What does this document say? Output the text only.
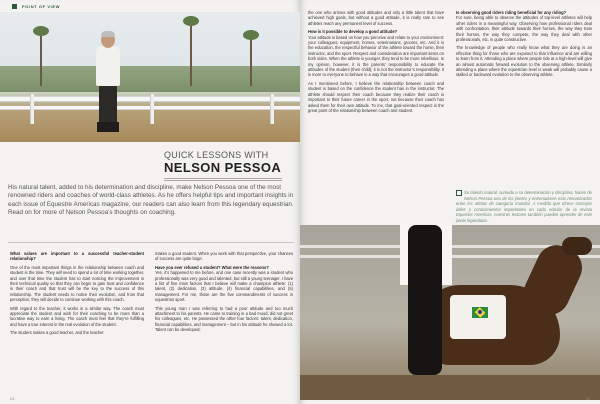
POINT OF VIEW
QUICK LESSONS WITH
NELSON PESSOA
His natural talent, added to his determination and discipline, make Nelson Pessoa one of the most renowned riders and coaches of world-class athletes. As he offers helpful tips and important insights in each issue of Equestre Americas magazine, our readers can also learn from this legendary equestrian. Read on for more of Nelson Pessoa’s thoughts on coaching.

What values are important to a successful teacher-student relationship?

One of the most important things in the relationship between coach and student is the time. They will need to spend a lot of time working together, and over that time the student has to start noticing the improvement in their technical quality so that they can begin to gain trust and confidence in their coach and that trust will be the key to the success of this relationship. The student needs to notice their evolution, and from that perception, they will decide to continue working with this coach.

With regard to the teacher, it works in a similar way. The coach must appreciate the student and wish for their coaching to be more than a lucrative way to earn a living. The coach must feel that they’re fulfilling and have a true interest in the real evolution of the student.

The student makes a good teacher, and the teacher

makes a good student. When you work with that perspective, your chances of success are quite large.

Have you ever refused a student? What were the reasons?
Yes, it’s happened to me before, and one case recently was a student who professionally was very good and talented, but still a young teenager. I have a list of five main factors that I believe will make a champion athlete: (1) talent, (2) dedication, (3) attitude, (4) financial capabilities, and (5) management. For me, those are the five commandments of success in equestrian sport.

This young man I was referring to had a poor attitude and too much attachment to his parents. He came to training in a bad mood, did not greet his colleagues, etc. He possessed the other four factors: talent, dedication, financial capabilities, and management – but in his attitude he showed a lot. Talent can be developed;

24

the one who arrives with good attitudes and only a little talent that have achieved high goals, but without a good attitude, it is really rare to see athletes reach any permanent level of success.

How is it possible to develop a good attitude?
Your attitude is based on how you perceive and relate to your environment: your colleagues, equipment, horses, veterinarians, grooms, etc. And it is the education, the respectful behavior of the athlete toward the horse, their instructor, and the sport. Respect and consideration are important items on both sides. When the athlete is younger, they tend to be more rebellious. In my opinion, however, it is the parents’ responsibility to educate the attitudes of the student (their child); it is not the instructor’s responsibility. It is more to everyone to behave in a way that encourages a good attitude.

As I mentioned before, I believe the relationship between coach and student is based on the confidence the student has in the instructor. The athlete should respect their coach because they realize their coach is important to their future career in the sport, not because their coach has asked them for their own attitude. To me, that goal-oriented respect is the great point of the relationship between coach and student.

Is observing good riders riding beneficial for any riding?
For sure, being able to observe the attitudes of top-level athletes will help other riders in a meaningful way. Observing how professional riders deal with confrontation, their attitude towards their horses, the way they train their horses, the way they compete, the way they deal with other professionals, etc. is quite constructive.

The knowledge of people who really know what they are doing is an effective thing for those who are exposed to that influence and are willing to learn from it. Attending a place where people ride at a high-level will give an almost automatic forward evolution to the observing athlete. Similarly attending a place where the equestrian level is weak will probably cause a stalled or backward evolution to the observing athlete.

Su talento natural, sumado a su determinación y disciplina, hacen de Nelson Pessoa uno de los jinetes y entrenadores más renombrados entre los atletas de categoría mundial. A medida que ofrece consejos útiles y conocimientos importantes en cada edición de la revista Equestre Americas, nuestros lectores también pueden aprender de este jinete legendario.
25
